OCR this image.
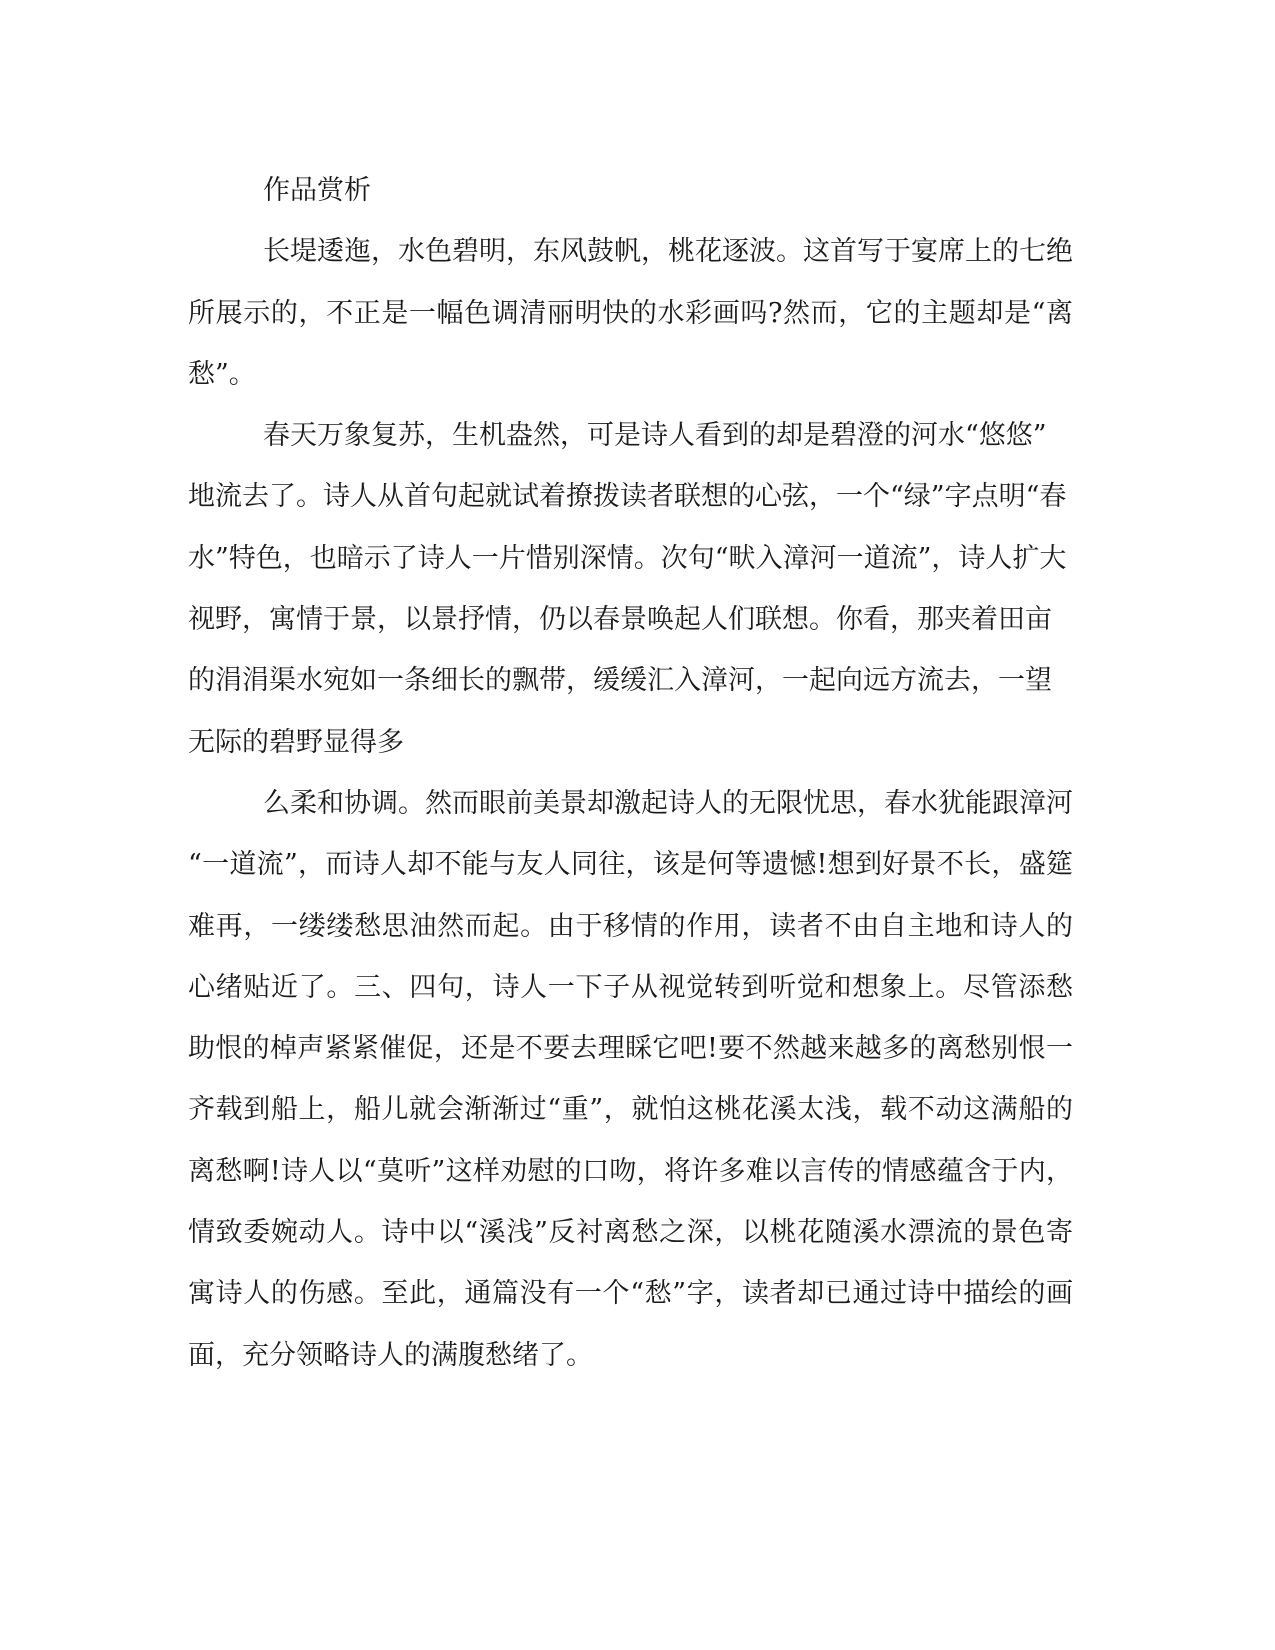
作品赏析

长堤逶迤，水色碧明，东风鼓帆，桃花逐波。这首写于宴席上的七绝所展示的，不正是一幅色调清丽明快的水彩画吗?然而，它的主题却是“离愁”。

春天万象复苏，生机盎然，可是诗人看到的却是碧澄的河水“悠悠”地流去了。诗人从首句起就试着撩拨读者联想的心弦，一个“绿”字点明“春水”特色，也暗示了诗人一片惜别深情。次句“畎入漳河一道流”，诗人扩大视野，寓情于景，以景抒情，仍以春景唤起人们联想。你看，那夹着田亩的涓涓渠水宛如一条细长的飘带，缓缓汇入漳河，一起向远方流去，一望无际的碧野显得多

么柔和协调。然而眼前美景却激起诗人的无限忧思，春水犹能跟漳河“一道流”，而诗人却不能与友人同往，该是何等遗憾!想到好景不长，盛筵难再，一缕缕愁思油然而起。由于移情的作用，读者不由自主地和诗人的心绪贴近了。三、四句，诗人一下子从视觉转到听觉和想象上。尽管添愁助恨的棹声紧紧催促，还是不要去理睬它吧!要不然越来越多的离愁别恨一齐载到船上，船儿就会渐渐过“重”，就怕这桃花溪太浅，载不动这满船的离愁啊!诗人以“莫听”这样劝慰的口吻，将许多难以言传的情感蕴含于内，情致委婉动人。诗中以“溪浅”反衬离愁之深，以桃花随溪水漂流的景色寄寓诗人的伤感。至此，通篇没有一个“愁”字，读者却已通过诗中描绘的画面，充分领略诗人的满腹愁绪了。
